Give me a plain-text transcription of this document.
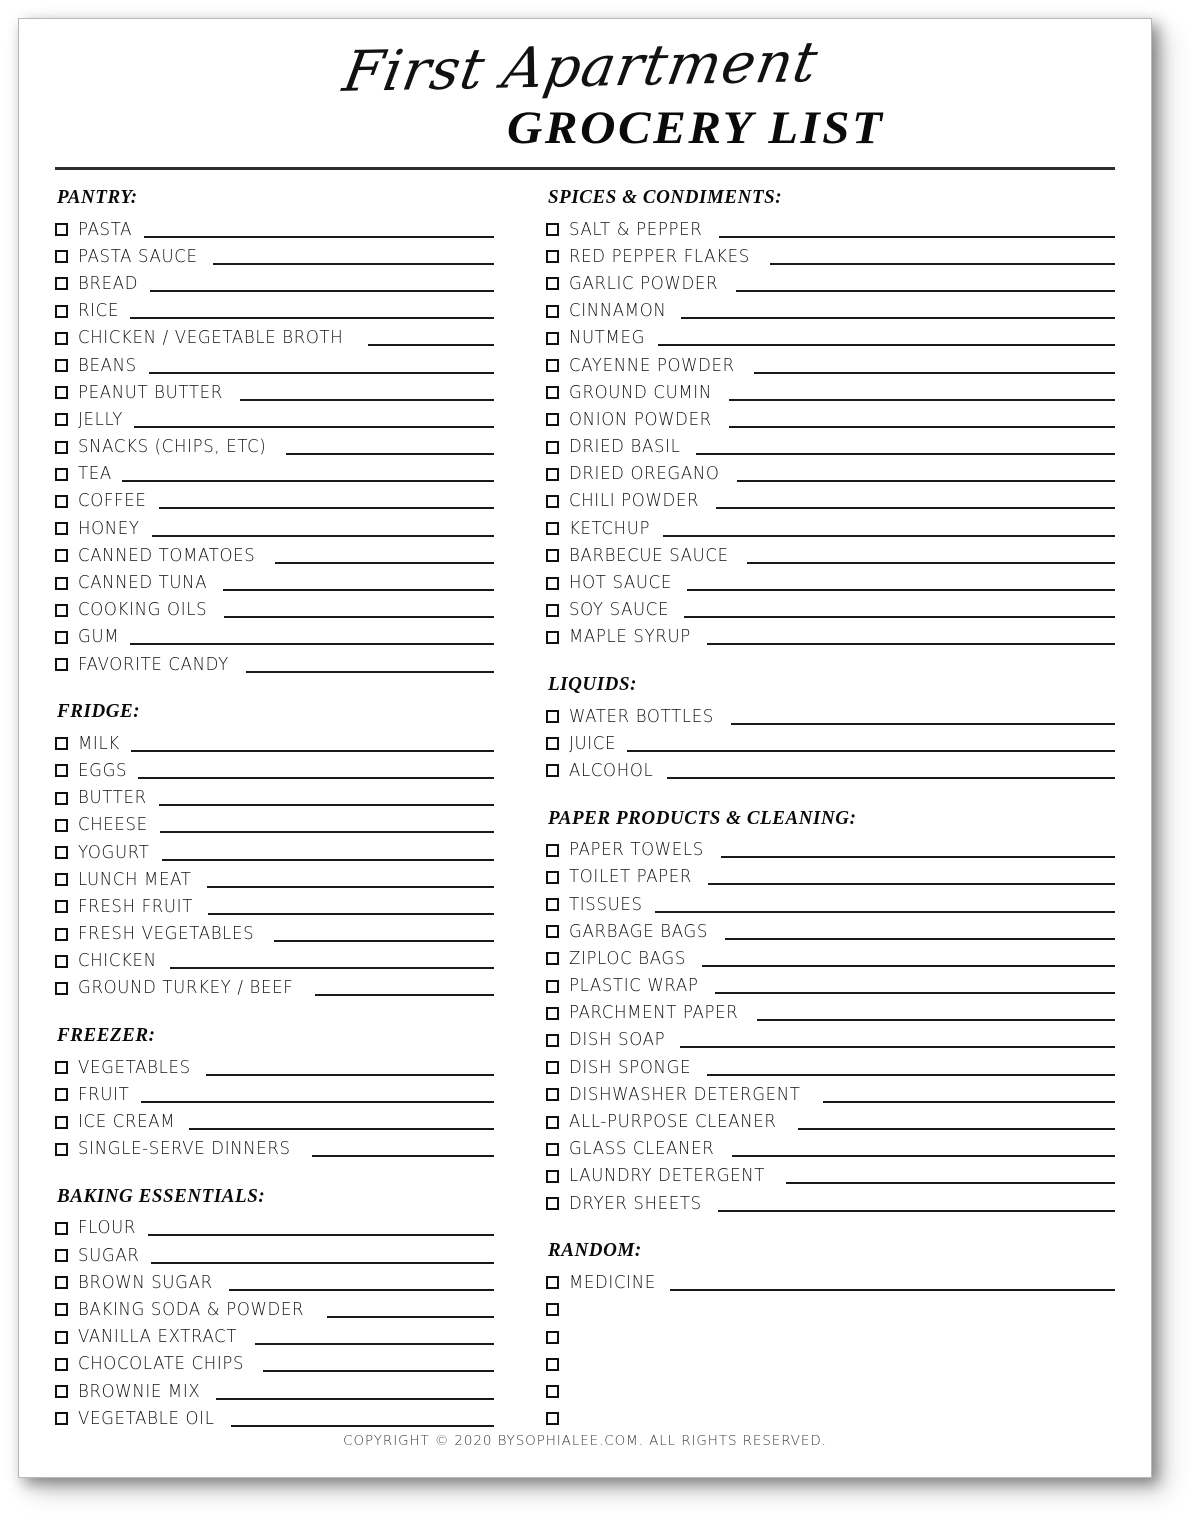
First Apartment
GROCERY LIST
PANTRY:
PASTA
PASTA SAUCE
BREAD
RICE
CHICKEN / VEGETABLE BROTH
BEANS
PEANUT BUTTER
JELLY
SNACKS (CHIPS, ETC)
TEA
COFFEE
HONEY
CANNED TOMATOES
CANNED TUNA
COOKING OILS
GUM
FAVORITE CANDY
FRIDGE:
MILK
EGGS
BUTTER
CHEESE
YOGURT
LUNCH MEAT
FRESH FRUIT
FRESH VEGETABLES
CHICKEN
GROUND TURKEY / BEEF
FREEZER:
VEGETABLES
FRUIT
ICE CREAM
SINGLE-SERVE DINNERS
BAKING ESSENTIALS:
FLOUR
SUGAR
BROWN SUGAR
BAKING SODA & POWDER
VANILLA EXTRACT
CHOCOLATE CHIPS
BROWNIE MIX
VEGETABLE OIL
SPICES & CONDIMENTS:
SALT & PEPPER
RED PEPPER FLAKES
GARLIC POWDER
CINNAMON
NUTMEG
CAYENNE POWDER
GROUND CUMIN
ONION POWDER
DRIED BASIL
DRIED OREGANO
CHILI POWDER
KETCHUP
BARBECUE SAUCE
HOT SAUCE
SOY SAUCE
MAPLE SYRUP
LIQUIDS:
WATER BOTTLES
JUICE
ALCOHOL
PAPER PRODUCTS & CLEANING:
PAPER TOWELS
TOILET PAPER
TISSUES
GARBAGE BAGS
ZIPLOC BAGS
PLASTIC WRAP
PARCHMENT PAPER
DISH SOAP
DISH SPONGE
DISHWASHER DETERGENT
ALL-PURPOSE CLEANER
GLASS CLEANER
LAUNDRY DETERGENT
DRYER SHEETS
RANDOM:
MEDICINE
COPYRIGHT © 2020 BYSOPHIALEE.COM. ALL RIGHTS RESERVED.
